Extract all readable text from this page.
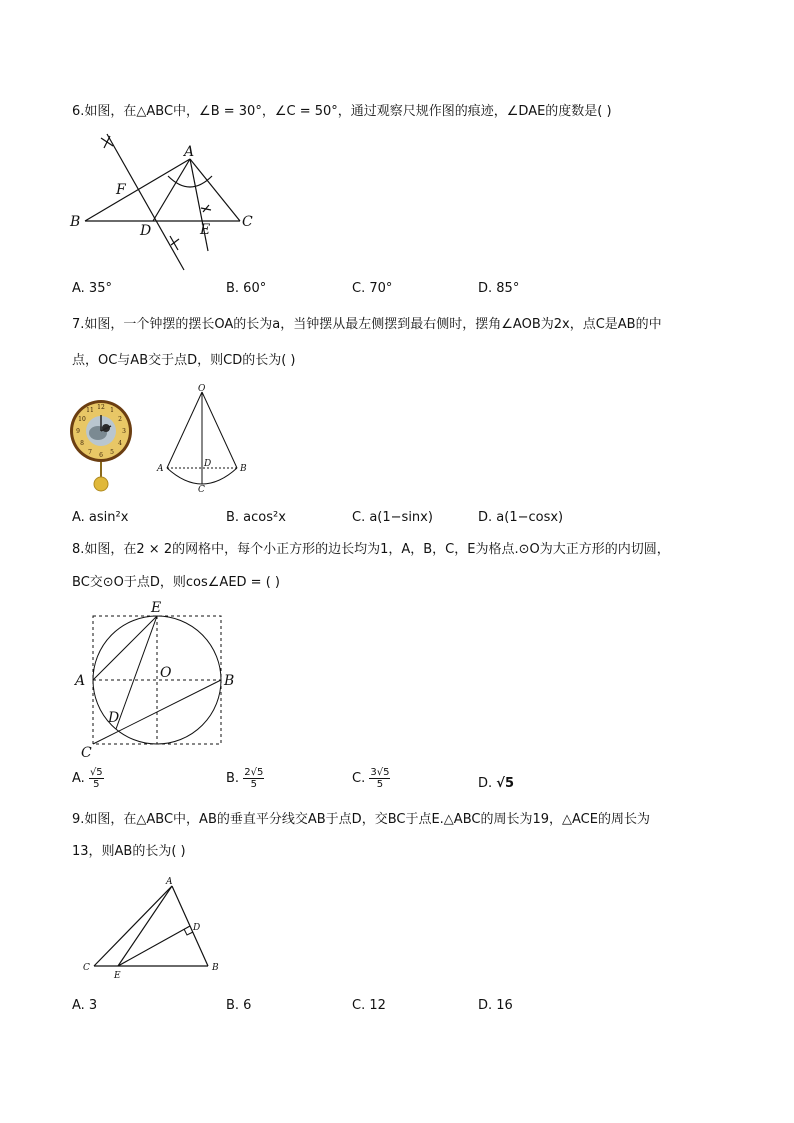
6.如图，在△ABC中，∠B = 30°，∠C = 50°，通过观察尺规作图的痕迹，∠DAE的度数是( )
A
B	C
D	E
F
A. 35°	B. 60°	C. 70°	D. 85°
7.如图，一个钟摆的摆长OA的长为a，当钟摆从最左侧摆到最右侧时，摆角∠AOB为2x，点C是AB的中
点，OC与AB交于点D，则CD的长为( )
12 1
2
3
4
5
6
7
8
9
10
11
O
A	B
D
C
A. asin²x	B. acos²x	C. a(1−sinx)	D. a(1−cosx)
8.如图，在2 × 2的网格中，每个小正方形的边长均为1，A，B，C，E为格点.⊙O为大正方形的内切圆，
BC交⊙O于点D，则cos∠AED = ( )
E
A	B
O
D
C
A. $\frac{√5}{5}$	B. $\frac{2√5}{5}$	C. $\frac{3√5}{5}$	D. √5
9.如图，在△ABC中，AB的垂直平分线交AB于点D，交BC于点E.△ABC的周长为19，△ACE的周长为
13，则AB的长为( )
A
C	B
D
E
A. 3	B. 6	C. 12	D. 16
